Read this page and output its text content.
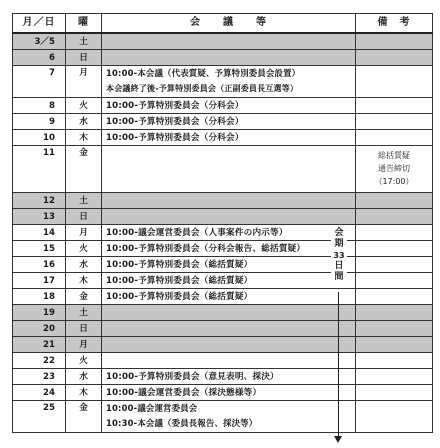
月／日	曜	会　　議　　等	備　考
3／5	土		
6	日		
7	月	10:00-本会議（代表質疑、予算特別委員会設置）
本会議終了後-予算特別委員会（正副委員長互選等）	

8	火	10:00-予算特別委員会（分科会）	
9	水	10:00-予算特別委員会（分科会）	
10	木	10:00-予算特別委員会（分科会）	
11	金		総括質疑
通告締切
（17:00）

12	土		
13	日		
14	月	10:00-議会運営委員会（人事案件の内示等）	
15	火	10:00-予算特別委員会（分科会報告、総括質疑）	
16	水	10:00-予算特別委員会（総括質疑）	
17	木	10:00-予算特別委員会（総括質疑）	
18	金	10:00-予算特別委員会（総括質疑）	
19	土		
20	日		
21	月		
22	火		
23	水	10:00-予算特別委員会（意見表明、採決）	
24	木	10:00-議会運営委員会（採決態様等）	
25	金	10:00-議会運営委員会
10:30-本会議（委員長報告、採決等）	

会
期
33
日
間
